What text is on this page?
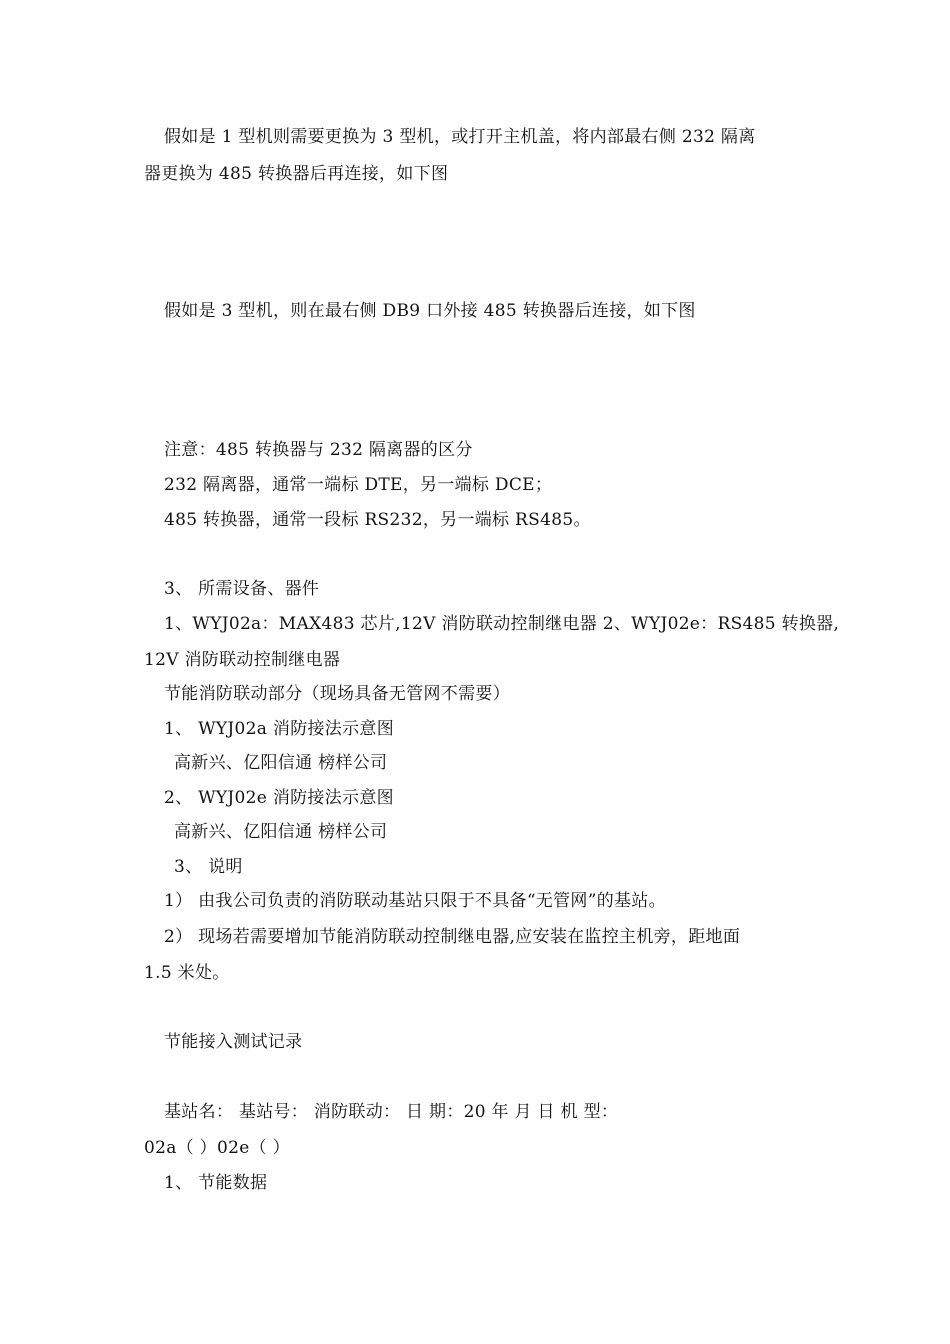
假如是 1 型机则需要更换为 3 型机，或打开主机盖，将内部最右侧 232 隔离
器更换为 485 转换器后再连接，如下图
假如是 3 型机，则在最右侧 DB9 口外接 485 转换器后连接，如下图
注意：485 转换器与 232 隔离器的区分
232 隔离器，通常一端标 DTE，另一端标 DCE；
485 转换器，通常一段标 RS232，另一端标 RS485。
3、 所需设备、器件
1、WYJ02a：MAX483 芯片,12V 消防联动控制继电器 2、WYJ02e：RS485 转换器,
12V 消防联动控制继电器
节能消防联动部分（现场具备无管网不需要）
1、 WYJ02a 消防接法示意图
高新兴、亿阳信通 榜样公司
2、 WYJ02e 消防接法示意图
高新兴、亿阳信通 榜样公司
3、 说明
1） 由我公司负责的消防联动基站只限于不具备“无管网”的基站。
2） 现场若需要增加节能消防联动控制继电器,应安装在监控主机旁，距地面
1.5 米处。
节能接入测试记录
基站名： 基站号： 消防联动： 日 期：20 年 月 日 机 型：
02a（ ）02e（ ）
1、 节能数据
